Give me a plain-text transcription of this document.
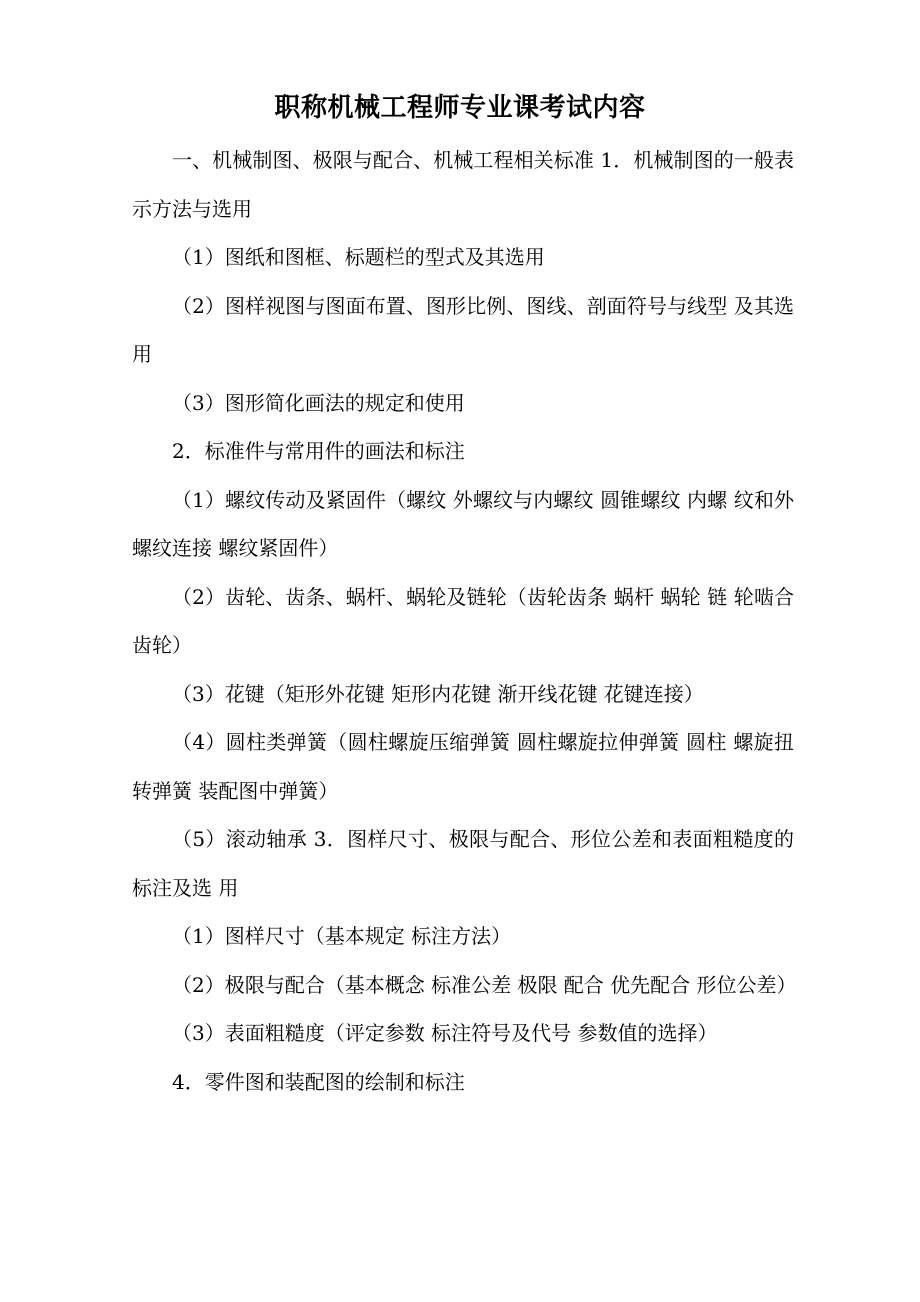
职称机械工程师专业课考试内容

一、机械制图、极限与配合、机械工程相关标准 1．机械制图的一般表示方法与选用

（1）图纸和图框、标题栏的型式及其选用

（2）图样视图与图面布置、图形比例、图线、剖面符号与线型 及其选用

（3）图形简化画法的规定和使用

2．标准件与常用件的画法和标注

（1）螺纹传动及紧固件（螺纹 外螺纹与内螺纹 圆锥螺纹 内螺 纹和外螺纹连接 螺纹紧固件）

（2）齿轮、齿条、蜗杆、蜗轮及链轮（齿轮齿条 蜗杆 蜗轮 链 轮啮合齿轮）

（3）花键（矩形外花键 矩形内花键 渐开线花键 花键连接）

（4）圆柱类弹簧（圆柱螺旋压缩弹簧 圆柱螺旋拉伸弹簧 圆柱 螺旋扭转弹簧 装配图中弹簧）

（5）滚动轴承 3．图样尺寸、极限与配合、形位公差和表面粗糙度的标注及选 用

（1）图样尺寸（基本规定 标注方法）

（2）极限与配合（基本概念 标准公差 极限 配合 优先配合 形位公差）

（3）表面粗糙度（评定参数 标注符号及代号 参数值的选择）

4．零件图和装配图的绘制和标注
